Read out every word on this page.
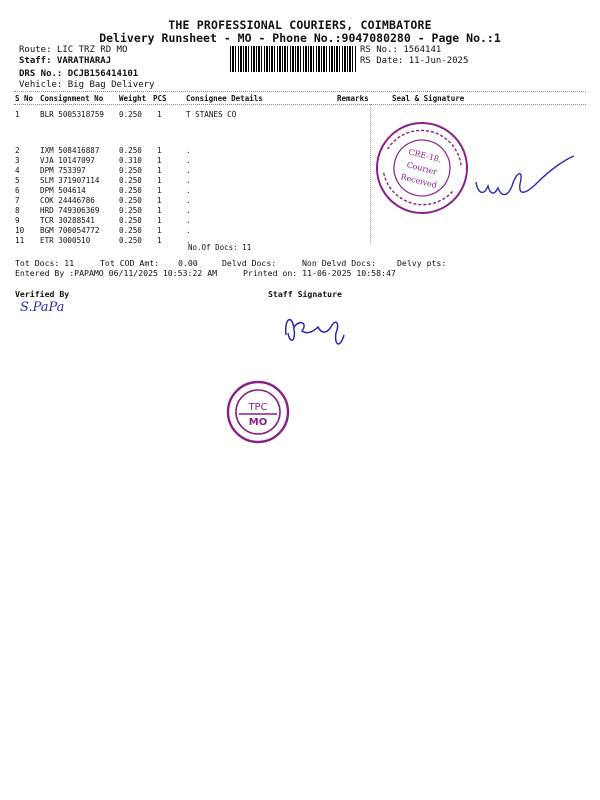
THE PROFESSIONAL COURIERS, COIMBATORE
Delivery Runsheet - MO - Phone No.:9047080280 - Page No.:1
Route: LIC TRZ RD MO
Staff: VARATHARAJ
DRS No.: DCJB156414101
Vehicle: Big Bag Delivery
RS No.: 1564141
RS Date: 11-Jun-2025
S No Consignment No Weight PCS	Consignee Details	Remarks	Seal & Signature
1	BLR 5005318759 0.250 1	T STANES CO
2	IXM 508416887	0.250 1	.
3	VJA 10147097	0.310 1	.
4	DPM 753397	0.250 1	.
5	SLM 371907114	0.250 1	.
6	DPM 504614	0.250 1	.
7	COK 24446786	0.250 1	.
8	HRD 749306369	0.250 1	.
9	TCR 30288541	0.250 1	.
10 BGM 700054772	0.250 1	.
11 ETR 3000510	0.250 1	.
No.Of Docs: 11
Tot Docs: 11	Tot COD Amt: 0.00	Delvd Docs:	Non Delvd Docs:	Delvy pts:
Entered By :PAPAMO 06/11/2025 10:53:22 AM	Printed on: 11-06-2025 10:58:47
Verified By	Staff Signature
S.PaPa
CRE-18.
Courier
Received
TPC
MO
